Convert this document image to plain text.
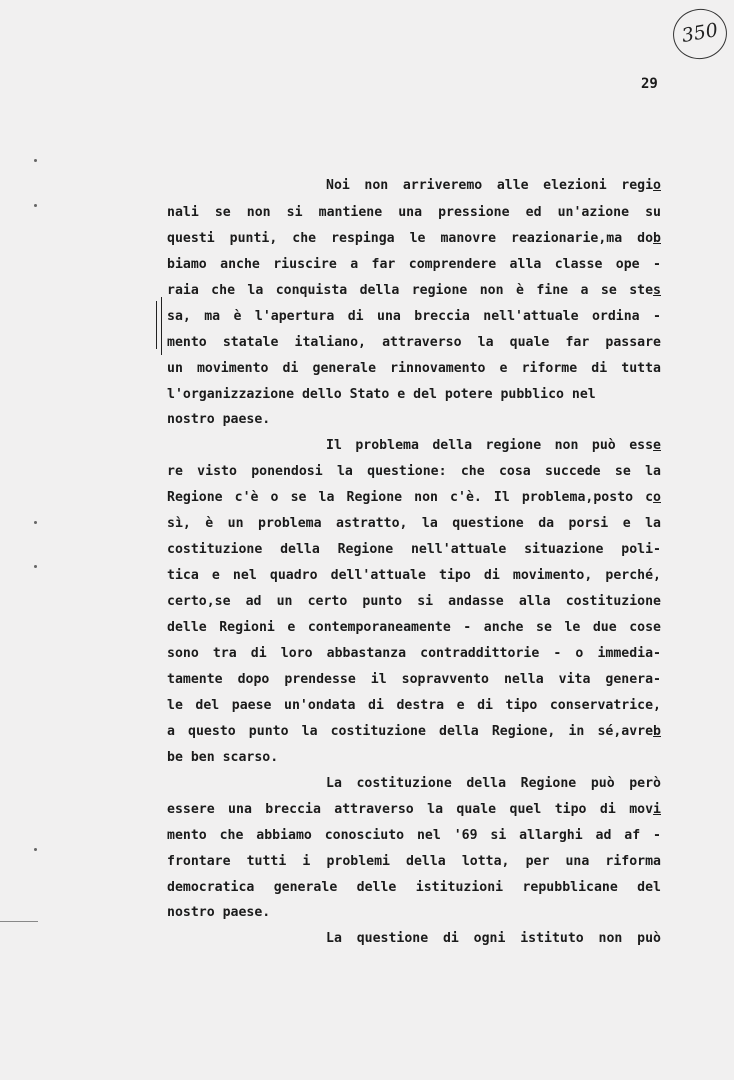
350
29
Noi non arriveremo alle elezioni regio
nali se non si mantiene una pressione ed un'azione su
questi punti, che respinga le manovre reazionarie,ma dob
biamo anche riuscire a far comprendere alla classe ope -
raia che la conquista della regione non è fine a se stes
sa, ma è l'apertura di una breccia nell'attuale ordina -
mento statale italiano, attraverso la quale far passare
un movimento di generale rinnovamento e riforme di tutta
l'organizzazione dello Stato e del potere pubblico nel
nostro paese.
Il problema della regione non può esse
re visto ponendosi la questione: che cosa succede se la
Regione c'è o se la Regione non c'è. Il problema,posto co
sì, è un problema astratto, la questione da porsi e la
costituzione della Regione nell'attuale situazione poli-
tica e nel quadro dell'attuale tipo di movimento, perché,
certo,se ad un certo punto si andasse alla costituzione
delle Regioni e contemporaneamente - anche se le due cose
sono tra di loro abbastanza contraddittorie - o immedia-
tamente dopo prendesse il sopravvento nella vita genera-
le del paese un'ondata di destra e di tipo conservatrice,
a questo punto la costituzione della Regione, in sé,avreb
be ben scarso.
La costituzione della Regione può però
essere una breccia attraverso la quale quel tipo di movi
mento che abbiamo conosciuto nel '69 si allarghi ad af -
frontare tutti i problemi della lotta, per una riforma
democratica generale delle istituzioni repubblicane del
nostro paese.
La questione di ogni istituto non può
